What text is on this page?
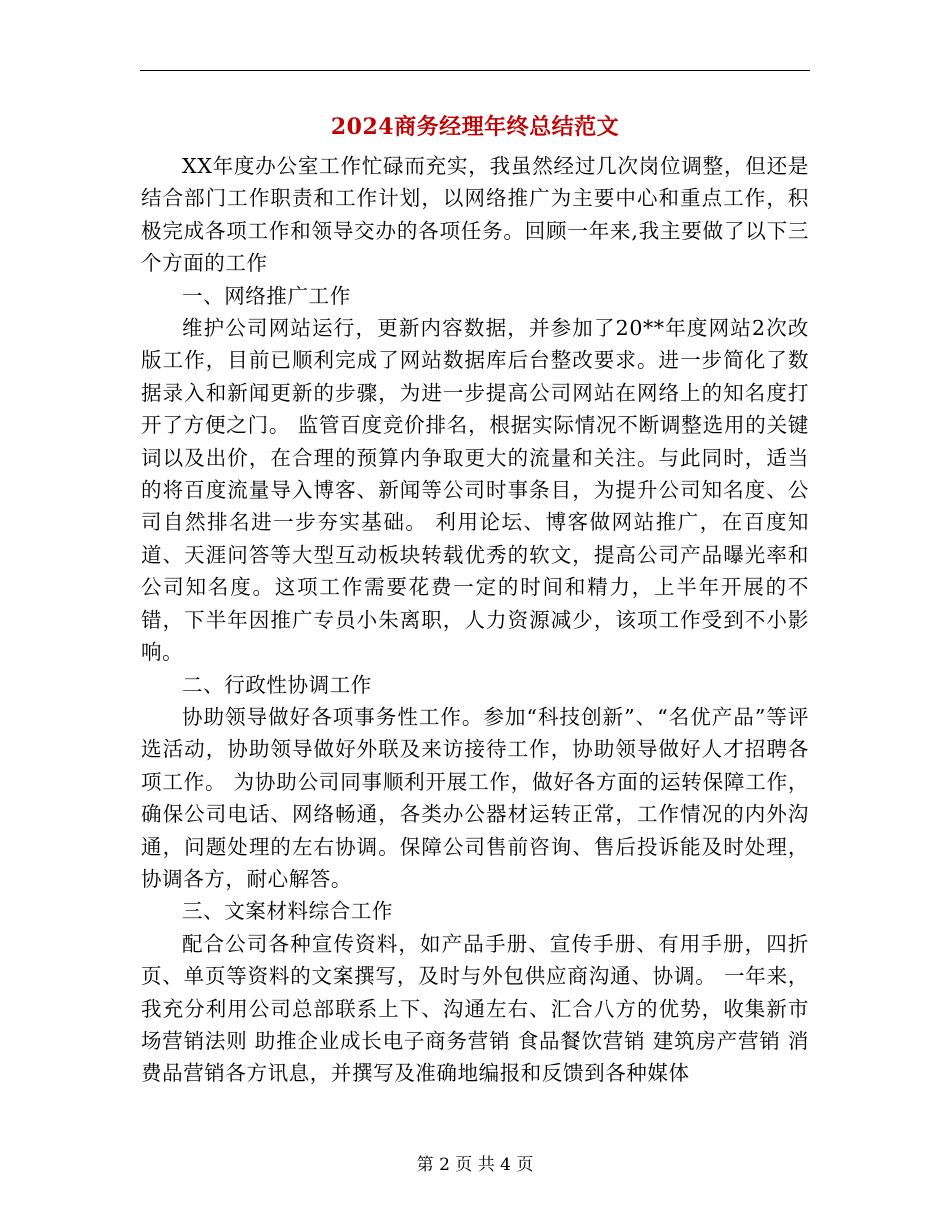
2024商务经理年终总结范文

XX年度办公室工作忙碌而充实，我虽然经过几次岗位调整，但还是结合部门工作职责和工作计划，以网络推广为主要中心和重点工作，积极完成各项工作和领导交办的各项任务。回顾一年来,我主要做了以下三个方面的工作

一、网络推广工作

维护公司网站运行，更新内容数据，并参加了20**年度网站2次改版工作，目前已顺利完成了网站数据库后台整改要求。进一步简化了数据录入和新闻更新的步骤，为进一步提高公司网站在网络上的知名度打开了方便之门。 监管百度竞价排名，根据实际情况不断调整选用的关键词以及出价，在合理的预算内争取更大的流量和关注。与此同时，适当的将百度流量导入博客、新闻等公司时事条目，为提升公司知名度、公司自然排名进一步夯实基础。 利用论坛、博客做网站推广，在百度知道、天涯问答等大型互动板块转载优秀的软文，提高公司产品曝光率和公司知名度。这项工作需要花费一定的时间和精力，上半年开展的不错，下半年因推广专员小朱离职，人力资源减少，该项工作受到不小影响。

二、行政性协调工作

协助领导做好各项事务性工作。参加“科技创新”、“名优产品”等评选活动，协助领导做好外联及来访接待工作，协助领导做好人才招聘各项工作。 为协助公司同事顺利开展工作，做好各方面的运转保障工作，确保公司电话、网络畅通，各类办公器材运转正常，工作情况的内外沟通，问题处理的左右协调。保障公司售前咨询、售后投诉能及时处理，协调各方，耐心解答。

三、文案材料综合工作

配合公司各种宣传资料，如产品手册、宣传手册、有用手册，四折页、单页等资料的文案撰写，及时与外包供应商沟通、协调。 一年来，我充分利用公司总部联系上下、沟通左右、汇合八方的优势，收集新市场营销法则 助推企业成长电子商务营销 食品餐饮营销 建筑房产营销 消费品营销各方讯息，并撰写及准确地编报和反馈到各种媒体

第 2 页 共 4 页
